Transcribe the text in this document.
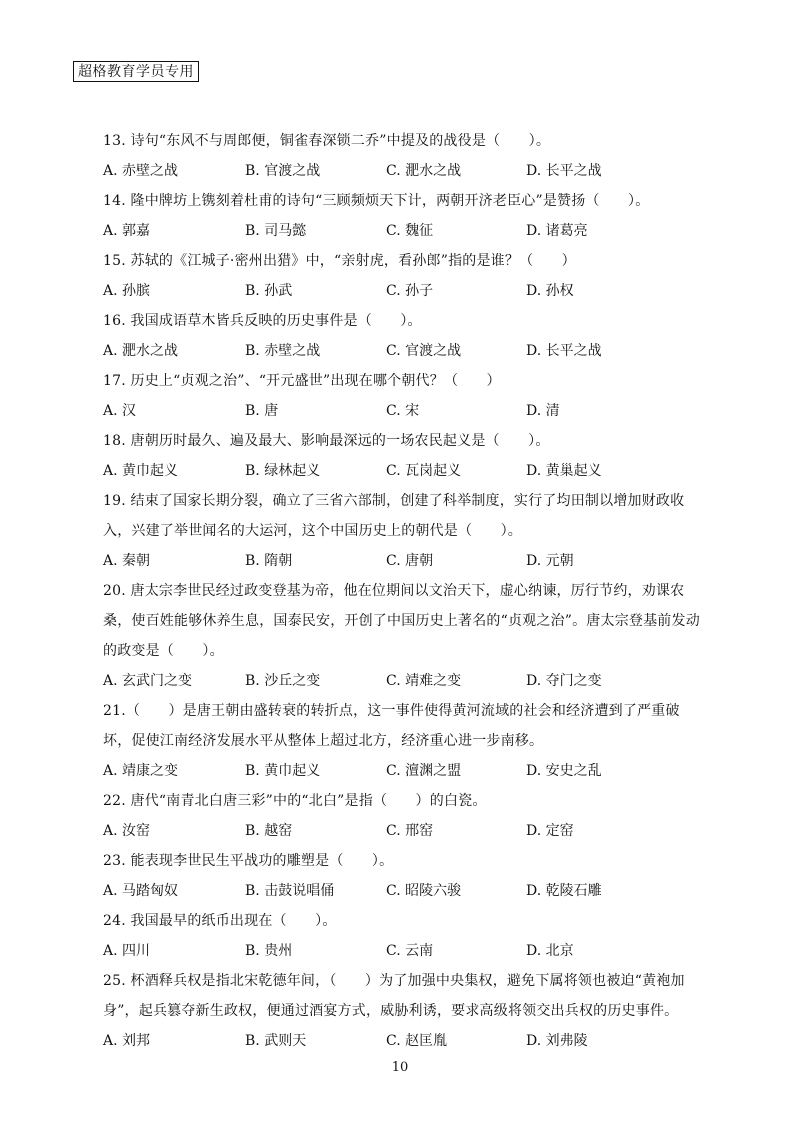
超格教育学员专用

13. 诗句“东风不与周郎便，铜雀春深锁二乔”中提及的战役是（　　）。

A. 赤壁之战	B. 官渡之战	C. 淝水之战	D. 长平之战

14. 隆中牌坊上镌刻着杜甫的诗句“三顾频烦天下计，两朝开济老臣心”是赞扬（　　）。

A. 郭嘉	B. 司马懿	C. 魏征	D. 诸葛亮

15. 苏轼的《江城子·密州出猎》中，“亲射虎，看孙郎”指的是谁？（　　）

A. 孙膑	B. 孙武	C. 孙子	D. 孙权

16. 我国成语草木皆兵反映的历史事件是（　　）。

A. 淝水之战	B. 赤壁之战	C. 官渡之战	D. 长平之战

17. 历史上“贞观之治”、“开元盛世”出现在哪个朝代？（　　）

A. 汉	B. 唐	C. 宋	D. 清

18. 唐朝历时最久、遍及最大、影响最深远的一场农民起义是（　　）。

A. 黄巾起义	B. 绿林起义	C. 瓦岗起义	D. 黄巢起义

19. 结束了国家长期分裂，确立了三省六部制，创建了科举制度，实行了均田制以增加财政收入，兴建了举世闻名的大运河，这个中国历史上的朝代是（　　）。

A. 秦朝	B. 隋朝	C. 唐朝	D. 元朝

20. 唐太宗李世民经过政变登基为帝，他在位期间以文治天下，虚心纳谏，厉行节约，劝课农桑，使百姓能够休养生息，国泰民安，开创了中国历史上著名的“贞观之治”。唐太宗登基前发动的政变是（　　）。

A. 玄武门之变	B. 沙丘之变	C. 靖难之变	D. 夺门之变

21.（　　）是唐王朝由盛转衰的转折点，这一事件使得黄河流域的社会和经济遭到了严重破坏，促使江南经济发展水平从整体上超过北方，经济重心进一步南移。

A. 靖康之变	B. 黄巾起义	C. 澶渊之盟	D. 安史之乱

22. 唐代“南青北白唐三彩”中的“北白”是指（　　）的白瓷。

A. 汝窑	B. 越窑	C. 邢窑	D. 定窑

23. 能表现李世民生平战功的雕塑是（　　）。

A. 马踏匈奴	B. 击鼓说唱俑	C. 昭陵六骏	D. 乾陵石雕

24. 我国最早的纸币出现在（　　）。

A. 四川	B. 贵州	C. 云南	D. 北京

25. 杯酒释兵权是指北宋乾德年间，（　　）为了加强中央集权，避免下属将领也被迫“黄袍加身”，起兵篡夺新生政权，便通过酒宴方式，威胁利诱，要求高级将领交出兵权的历史事件。

A. 刘邦	B. 武则天	C. 赵匡胤	D. 刘弗陵
10
